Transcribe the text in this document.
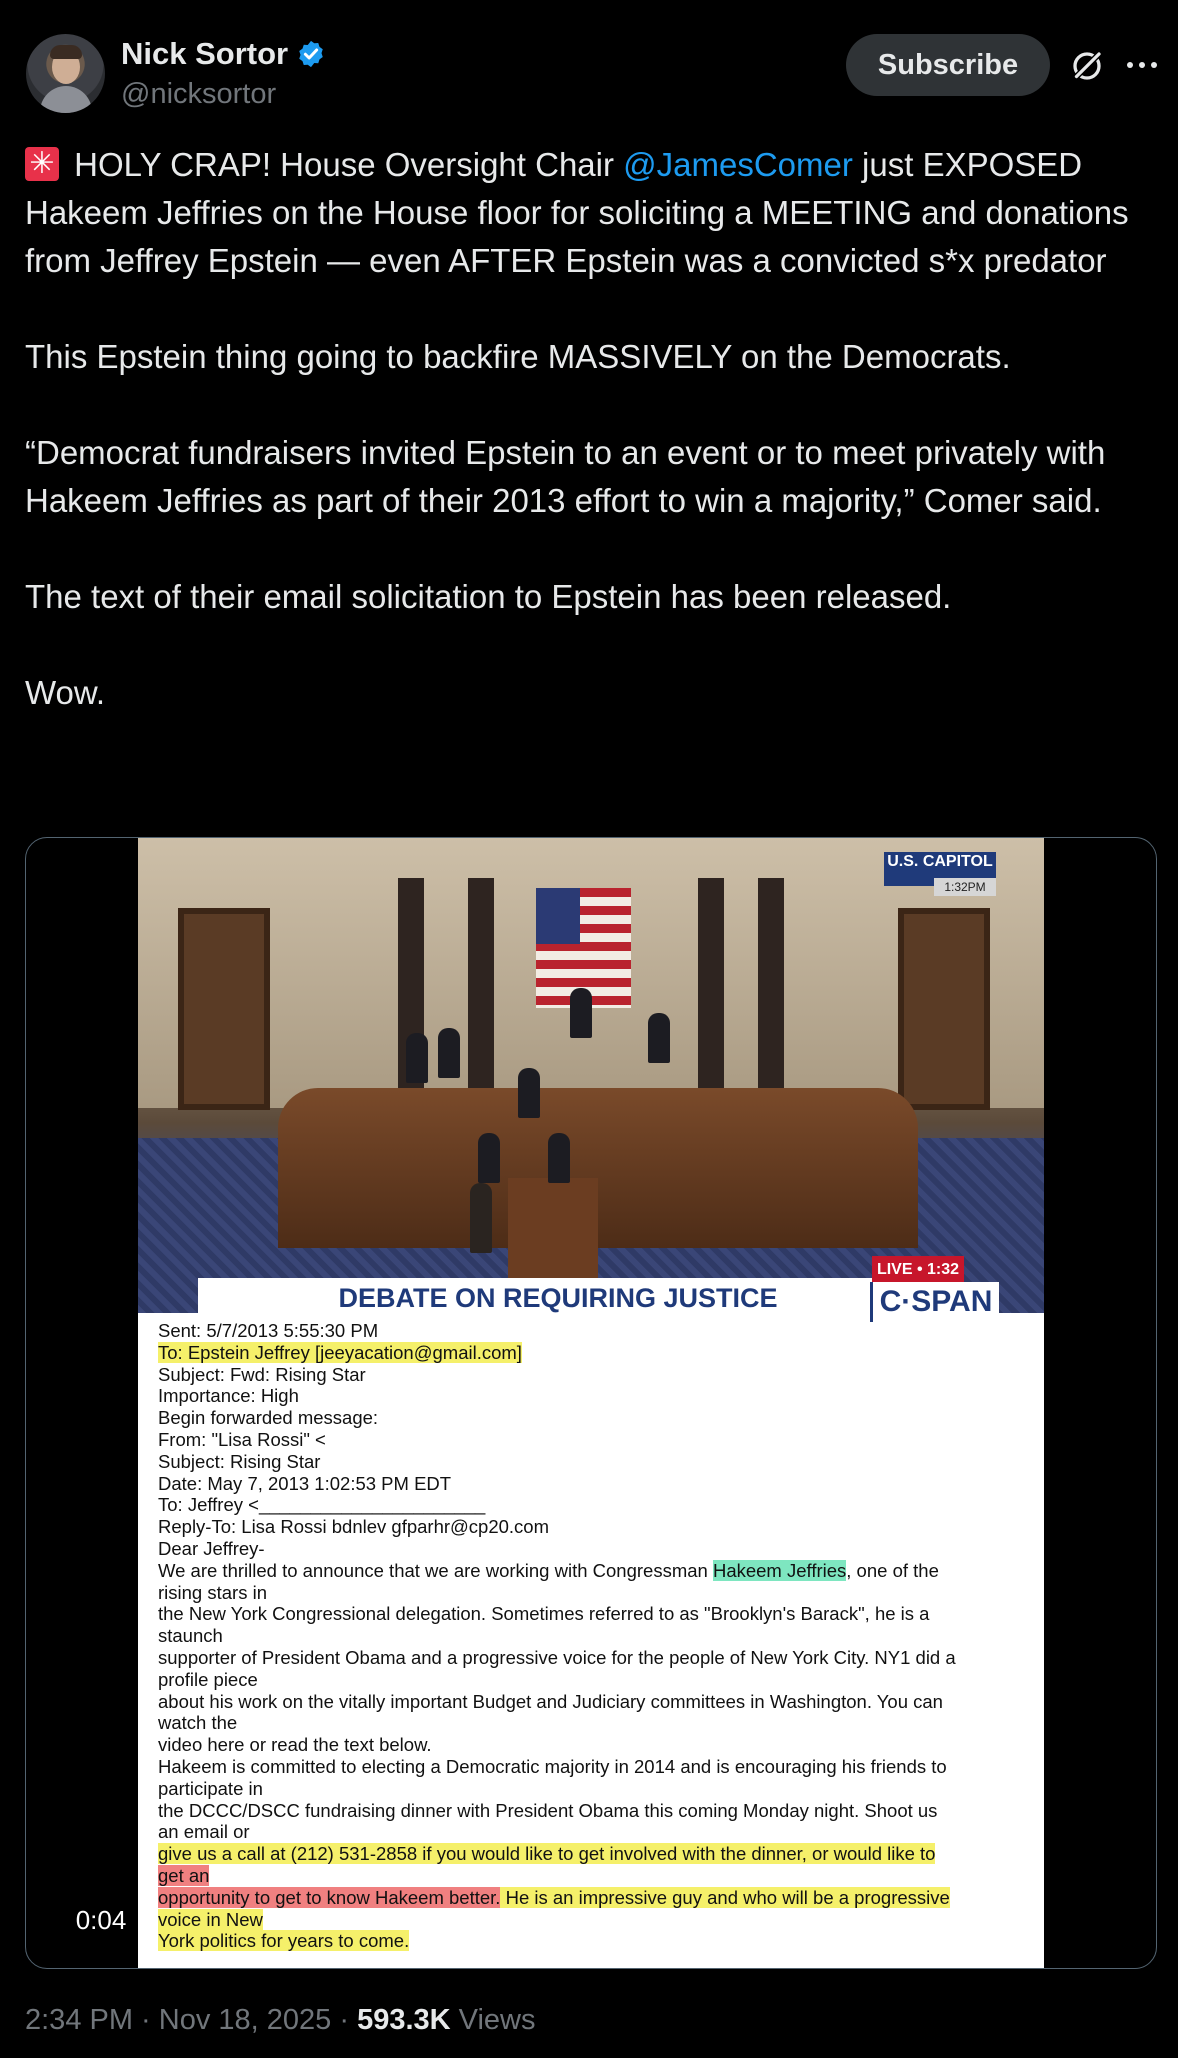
Nick Sortor
@nicksortor
Subscribe
✳ HOLY CRAP! House Oversight Chair @JamesComer just EXPOSED Hakeem Jeffries on the House floor for soliciting a MEETING and donations from Jeffrey Epstein — even AFTER Epstein was a convicted s*x predator

This Epstein thing going to backfire MASSIVELY on the Democrats.

“Democrat fundraisers invited Epstein to an event or to meet privately with Hakeem Jeffries as part of their 2013 effort to win a majority,” Comer said.

The text of their email solicitation to Epstein has been released.

Wow.
U.S. CAPITOL
1:32PM
DEBATE ON REQUIRING JUSTICE
LIVE • 1:32
C·SPAN
Sent: 5/7/2013 5:55:30 PM
To: Epstein Jeffrey [jeeyacation@gmail.com]
Subject: Fwd: Rising Star
Importance: High
Begin forwarded message:
From: "Lisa Rossi" <
Subject: Rising Star
Date: May 7, 2013 1:02:53 PM EDT
To: Jeffrey <______________________
Reply-To: Lisa Rossi bdnlev gfparhr@cp20.com
Dear Jeffrey-
We are thrilled to announce that we are working with Congressman Hakeem Jeffries, one of the
rising stars in
the New York Congressional delegation. Sometimes referred to as "Brooklyn's Barack", he is a
staunch
supporter of President Obama and a progressive voice for the people of New York City. NY1 did a
profile piece
about his work on the vitally important Budget and Judiciary committees in Washington. You can
watch the
video here or read the text below.
Hakeem is committed to electing a Democratic majority in 2014 and is encouraging his friends to
participate in
the DCCC/DSCC fundraising dinner with President Obama this coming Monday night. Shoot us
an email or
give us a call at (212) 531-2858 if you would like to get involved with the dinner, or would like to
get an
opportunity to get to know Hakeem better. He is an impressive guy and who will be a progressive
voice in New
York politics for years to come.
0:04
2:34 PM · Nov 18, 2025 · 593.3K Views
